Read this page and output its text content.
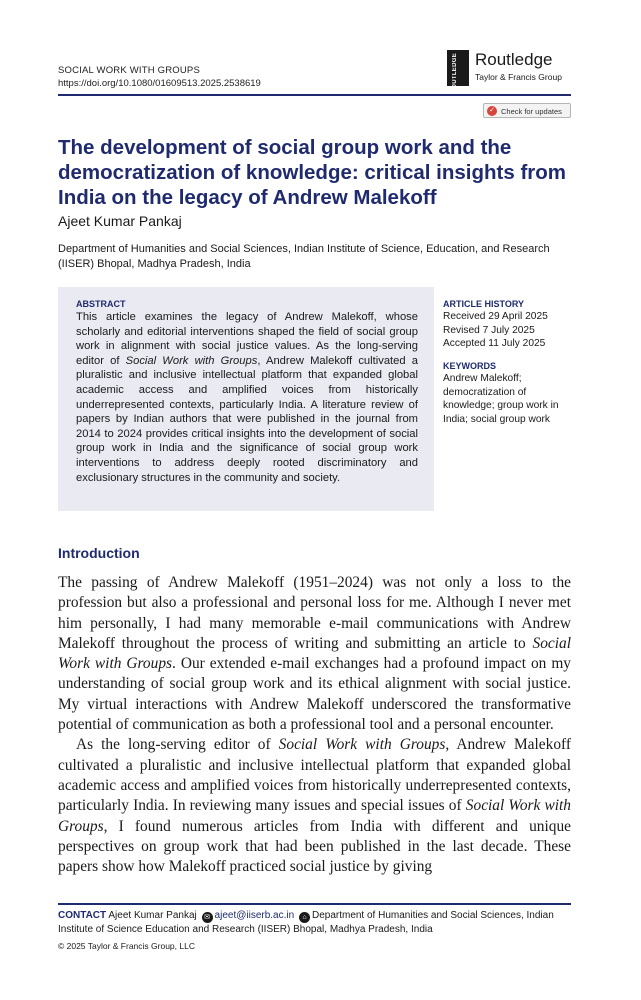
SOCIAL WORK WITH GROUPS
https://doi.org/10.1080/01609513.2025.2538619	ROUTLEDGE Routledge
Taylor & Francis Group
✓ Check for updates
The development of social group work and the democratization of knowledge: critical insights from India on the legacy of Andrew Malekoff
Ajeet Kumar Pankaj
Department of Humanities and Social Sciences, Indian Institute of Science, Education, and Research (IISER) Bhopal, Madhya Pradesh, India
ABSTRACT

This article examines the legacy of Andrew Malekoff, whose scholarly and editorial interventions shaped the field of social group work in alignment with social justice values. As the long-serving editor of Social Work with Groups, Andrew Malekoff cultivated a pluralistic and inclusive intellectual platform that expanded global academic access and amplified voices from historically underrepresented contexts, particularly India. A literature review of papers by Indian authors that were published in the journal from 2014 to 2024 provides critical insights into the development of social group work in India and the significance of social group work interventions to address deeply rooted discriminatory and exclusionary structures in the community and society.

ARTICLE HISTORY
Received 29 April 2025
Revised 7 July 2025
Accepted 11 July 2025
KEYWORDS
Andrew Malekoff; democratization of knowledge; group work in India; social group work
Introduction

The passing of Andrew Malekoff (1951–2024) was not only a loss to the profession but also a professional and personal loss for me. Although I never met him personally, I had many memorable e-mail communications with Andrew Malekoff throughout the process of writing and submitting an article to Social Work with Groups. Our extended e-mail exchanges had a profound impact on my understanding of social group work and its ethical alignment with social justice. My virtual interactions with Andrew Malekoff underscored the transformative potential of communication as both a professional tool and a personal encounter.

As the long-serving editor of Social Work with Groups, Andrew Malekoff cultivated a pluralistic and inclusive intellectual platform that expanded global academic access and amplified voices from historically underrepresented contexts, particularly India. In reviewing many issues and special issues of Social Work with Groups, I found numerous articles from India with different and unique perspectives on group work that had been published in the last decade. These papers show how Malekoff practiced social justice by giving

CONTACT Ajeet Kumar Pankaj ✉ ajeet@iiserb.ac.in ⌂ Department of Humanities and Social Sciences, Indian Institute of Science Education and Research (IISER) Bhopal, Madhya Pradesh, India
© 2025 Taylor & Francis Group, LLC
